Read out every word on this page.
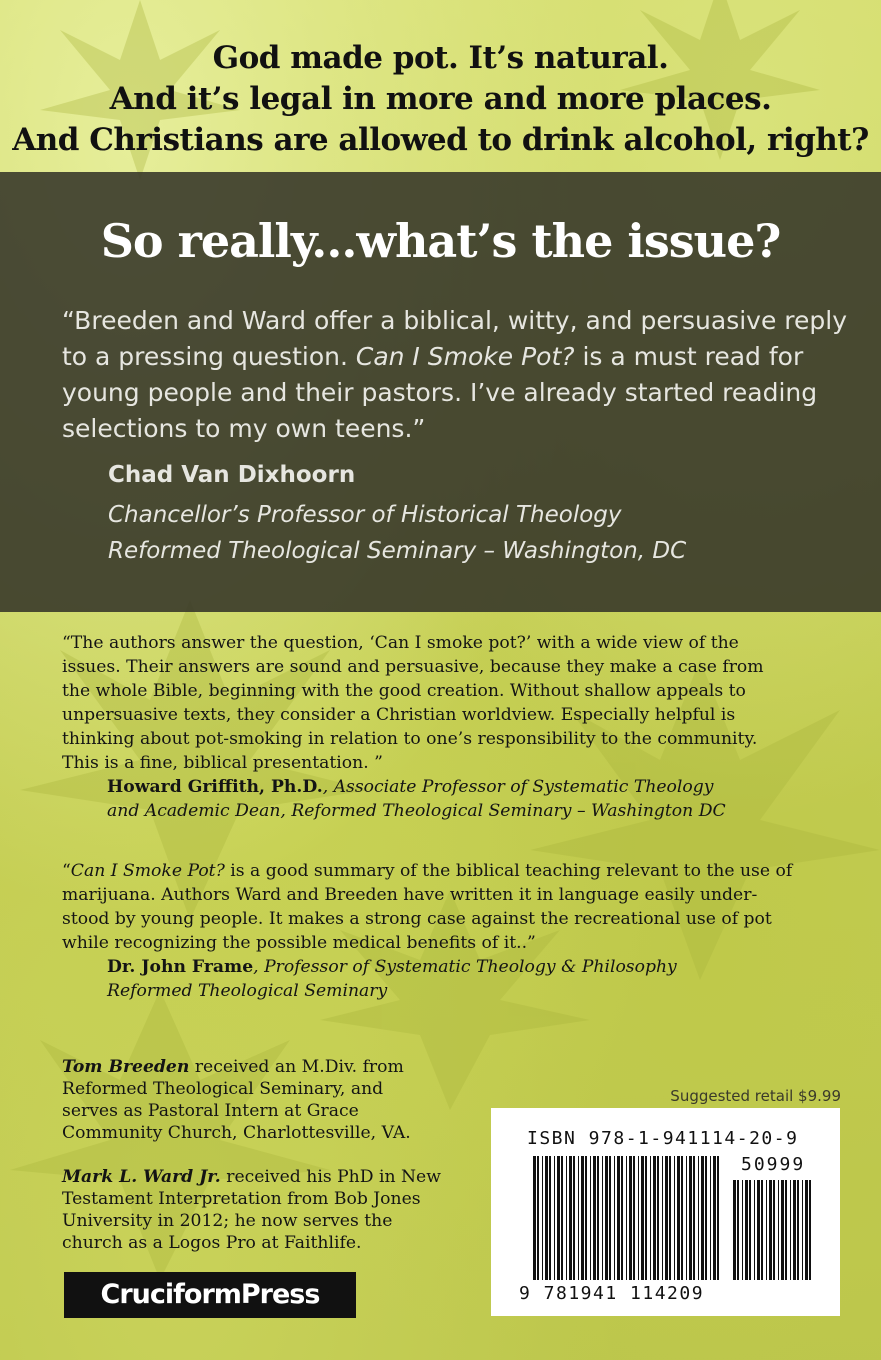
God made pot. It’s natural.
And it’s legal in more and more places.
And Christians are allowed to drink alcohol, right?
So really...what’s the issue?
“Breeden and Ward offer a biblical, witty, and persuasive reply
to a pressing question. Can I Smoke Pot? is a must read for
young people and their pastors. I’ve already started reading
selections to my own teens.”
Chad Van Dixhoorn
Chancellor’s Professor of Historical Theology
Reformed Theological Seminary – Washington, DC
“The authors answer the question, ‘Can I smoke pot?’ with a wide view of the
issues. Their answers are sound and persuasive, because they make a case from
the whole Bible, beginning with the good creation. Without shallow appeals to
unpersuasive texts, they consider a Christian worldview. Especially helpful is
thinking about pot-smoking in relation to one’s responsibility to the community.
This is a fine, biblical presentation. ”
Howard Griffith, Ph.D., Associate Professor of Systematic Theology
and Academic Dean, Reformed Theological Seminary – Washington DC
“Can I Smoke Pot? is a good summary of the biblical teaching relevant to the use of
marijuana. Authors Ward and Breeden have written it in language easily under-
stood by young people. It makes a strong case against the recreational use of pot
while recognizing the possible medical benefits of it..”
Dr. John Frame, Professor of Systematic Theology & Philosophy
Reformed Theological Seminary
Tom Breeden received an M.Div. from
Reformed Theological Seminary, and
serves as Pastoral Intern at Grace
Community Church, Charlottesville, VA.
Mark L. Ward Jr. received his PhD in New
Testament Interpretation from Bob Jones
University in 2012; he now serves the
church as a Logos Pro at Faithlife.
CruciformPress
Suggested retail $9.99
ISBN 978-1-941114-20-9
50999
9 781941 114209
